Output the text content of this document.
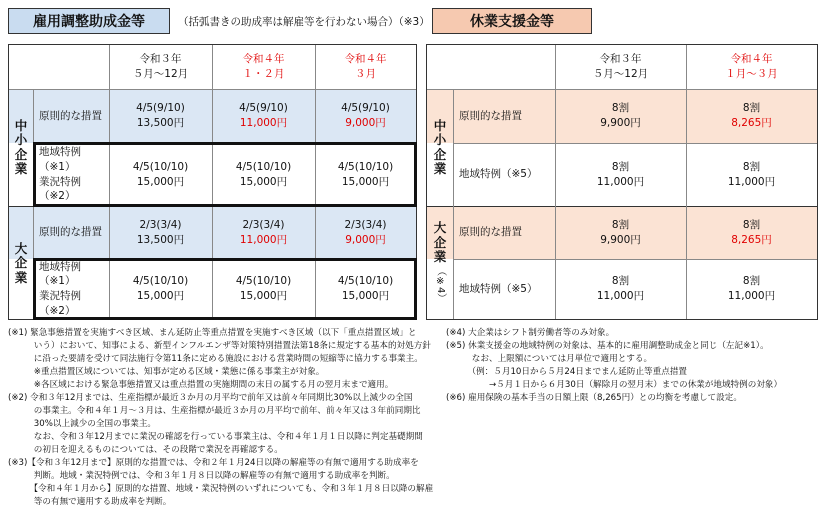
雇用調整助成金等	（括弧書きの助成率は解雇等を行わない場合）（※3）	休業支援金等
令和３年
５月〜12月
令和４年
１・２月
令和４年
３月
中
小
企
業
大
企
業
原則的な措置
4/5(9/10)
13,500円
4/5(9/10)
11,000円
4/5(9/10)
9,000円
地域特例（※1）
業況特例（※2）
4/5(10/10)
15,000円
4/5(10/10)
15,000円
4/5(10/10)
15,000円
原則的な措置
2/3(3/4)
13,500円
2/3(3/4)
11,000円
2/3(3/4)
9,000円
地域特例（※1）
業況特例（※2）
4/5(10/10)
15,000円
4/5(10/10)
15,000円
4/5(10/10)
15,000円
令和３年
５月〜12月
令和４年
１月〜３月
中
小
企
業
大
企
業
（※4）
原則的な措置
8割
9,900円
8割
8,265円
地域特例（※5）
8割
11,000円
8割
11,000円
原則的な措置
8割
9,900円
8割
8,265円
地域特例（※5）
8割
11,000円
8割
11,000円
(※1) 緊急事態措置を実施すべき区域、まん延防止等重点措置を実施すべき区域（以下「重点措置区域」と
　　　いう）において、知事による、新型インフルエンザ等対策特別措置法第18条に規定する基本的対処方針
　　　に沿った要請を受けて同法施行令第11条に定める施設における営業時間の短縮等に協力する事業主。
　　　※重点措置区域については、知事が定める区域・業態に係る事業主が対象。
　　　※各区域における緊急事態措置又は重点措置の実施期間の末日の属する月の翌月末まで適用。
(※2) 令和３年12月までは、生産指標が最近３か月の月平均で前年又は前々年同期比30%以上減少の全国
　　　の事業主。令和４年１月〜３月は、生産指標が最近３か月の月平均で前年、前々年又は３年前同期比
　　　30%以上減少の全国の事業主。
　　　なお、令和３年12月までに業況の確認を行っている事業主は、令和４年１月１日以降に判定基礎期間
　　　の初日を迎えるものについては、その段階で業況を再確認する。
(※3)【令和３年12月まで】原則的な措置では、令和２年１月24日以降の解雇等の有無で適用する助成率を
　　　判断。地域・業況特例では、令和３年１月８日以降の解雇等の有無で適用する助成率を判断。
　　　【令和４年１月から】原則的な措置、地域・業況特例のいずれについても、令和３年１月８日以降の解雇
　　　等の有無で適用する助成率を判断。
(※4) 大企業はシフト制労働者等のみ対象。
(※5) 休業支援金の地域特例の対象は、基本的に雇用調整助成金と同じ（左記※1）。
　　　なお、上限額については月単位で適用とする。
　　　（例：５月10日から５月24日までまん延防止等重点措置
　　　　　→５月１日から６月30日（解除月の翌月末）までの休業が地域特例の対象）
(※6) 雇用保険の基本手当の日額上限（8,265円）との均衡を考慮して設定。
